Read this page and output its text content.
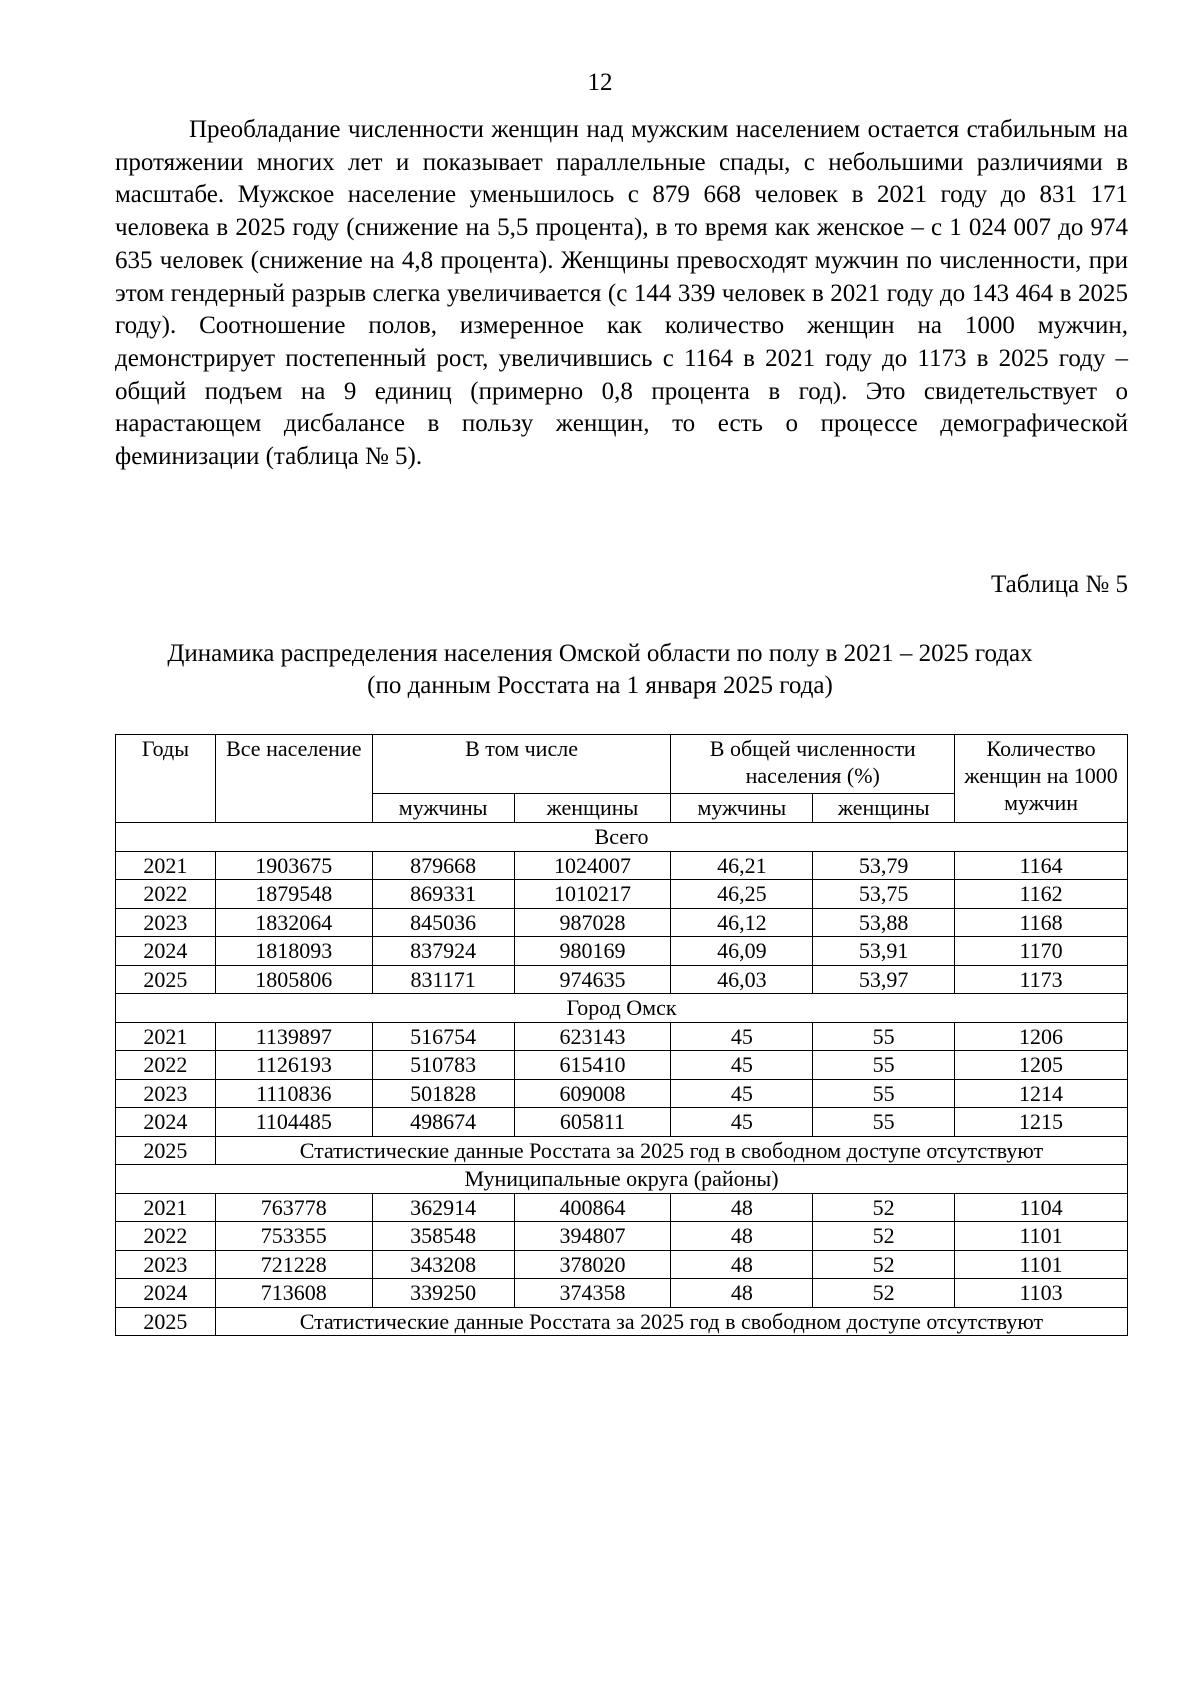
12

Преобладание численности женщин над мужским населением остается стабильным на протяжении многих лет и показывает параллельные спады, с небольшими различиями в масштабе. Мужское население уменьшилось с 879 668 человек в 2021 году до 831 171 человека в 2025 году (снижение на 5,5 процента), в то время как женское – с 1 024 007 до 974 635 человек (снижение на 4,8 процента). Женщины превосходят мужчин по численности, при этом гендерный разрыв слегка увеличивается (с 144 339 человек в 2021 году до 143 464 в 2025 году). Соотношение полов, измеренное как количество женщин на 1000 мужчин, демонстрирует постепенный рост, увеличившись с 1164 в 2021 году до 1173 в 2025 году – общий подъем на 9 единиц (примерно 0,8 процента в год). Это свидетельствует о нарастающем дисбалансе в пользу женщин, то есть о процессе демографической феминизации (таблица № 5).

Таблица № 5
Динамика распределения населения Омской области по полу в 2021 – 2025 годах
(по данным Росстата на 1 января 2025 года)
Годы	Все население	В том числе		В общей численности населения (%)		Количество женщин на 1000 мужчин
		мужчины	женщины	мужчины	женщины	
Всего						
2021	1903675	879668	1024007	46,21	53,79	1164
2022	1879548	869331	1010217	46,25	53,75	1162
2023	1832064	845036	987028	46,12	53,88	1168
2024	1818093	837924	980169	46,09	53,91	1170
2025	1805806	831171	974635	46,03	53,97	1173
Город Омск						
2021	1139897	516754	623143	45	55	1206
2022	1126193	510783	615410	45	55	1205
2023	1110836	501828	609008	45	55	1214
2024	1104485	498674	605811	45	55	1215
2025	Статистические данные Росстата за 2025 год в свободном доступе отсутствуют					
Муниципальные округа (районы)						
2021	763778	362914	400864	48	52	1104
2022	753355	358548	394807	48	52	1101
2023	721228	343208	378020	48	52	1101
2024	713608	339250	374358	48	52	1103
2025	Статистические данные Росстата за 2025 год в свободном доступе отсутствуют					
